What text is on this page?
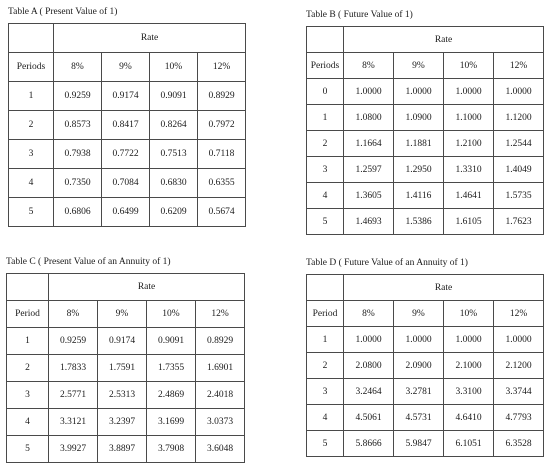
Table A ( Present Value of 1)
	Rate			
Periods	8%	9%	10%	12%
1	0.9259	0.9174	0.9091	0.8929
2	0.8573	0.8417	0.8264	0.7972
3	0.7938	0.7722	0.7513	0.7118
4	0.7350	0.7084	0.6830	0.6355
5	0.6806	0.6499	0.6209	0.5674
Table B ( Future Value of 1)
	Rate			
Periods	8%	9%	10%	12%
0	1.0000	1.0000	1.0000	1.0000
1	1.0800	1.0900	1.1000	1.1200
2	1.1664	1.1881	1.2100	1.2544
3	1.2597	1.2950	1.3310	1.4049
4	1.3605	1.4116	1.4641	1.5735
5	1.4693	1.5386	1.6105	1.7623
Table C ( Present Value of an Annuity of 1)
	Rate			
Period	8%	9%	10%	12%
1	0.9259	0.9174	0.9091	0.8929
2	1.7833	1.7591	1.7355	1.6901
3	2.5771	2.5313	2.4869	2.4018
4	3.3121	3.2397	3.1699	3.0373
5	3.9927	3.8897	3.7908	3.6048
Table D ( Future Value of an Annuity of 1)
	Rate			
Period	8%	9%	10%	12%
1	1.0000	1.0000	1.0000	1.0000
2	2.0800	2.0900	2.1000	2.1200
3	3.2464	3.2781	3.3100	3.3744
4	4.5061	4.5731	4.6410	4.7793
5	5.8666	5.9847	6.1051	6.3528
